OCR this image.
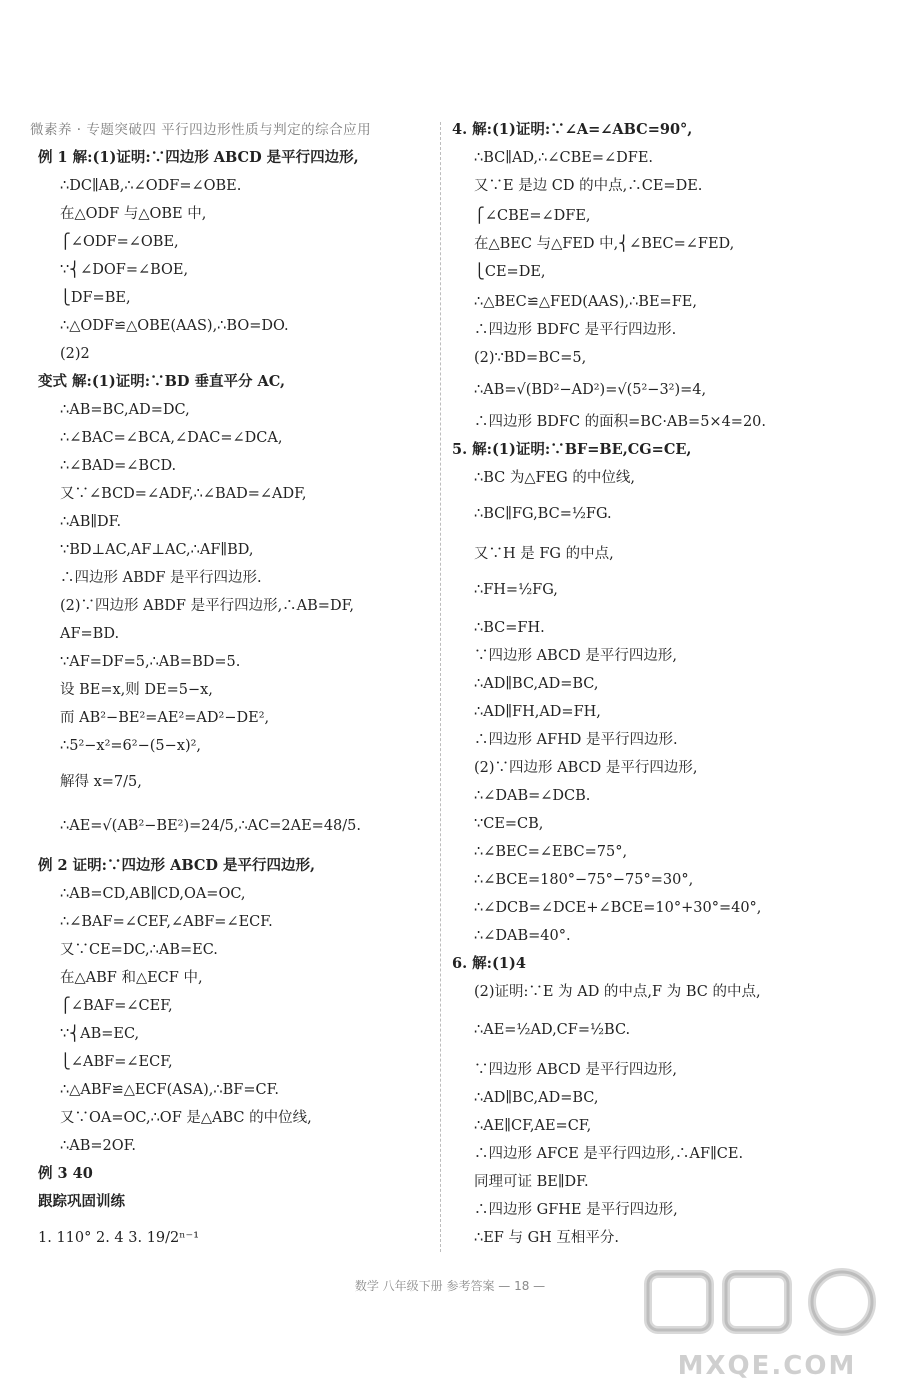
微素养 · 专题突破四 平行四边形性质与判定的综合应用
例 1 解:(1)证明:∵四边形 ABCD 是平行四边形,
∴DC∥AB,∴∠ODF=∠OBE.
在△ODF 与△OBE 中,
⎧∠ODF=∠OBE,
∵⎨∠DOF=∠BOE,
⎩DF=BE,
∴△ODF≌△OBE(AAS),∴BO=DO.
(2)2
变式 解:(1)证明:∵BD 垂直平分 AC,
∴AB=BC,AD=DC,
∴∠BAC=∠BCA,∠DAC=∠DCA,
∴∠BAD=∠BCD.
又∵∠BCD=∠ADF,∴∠BAD=∠ADF,
∴AB∥DF.
∵BD⊥AC,AF⊥AC,∴AF∥BD,
∴四边形 ABDF 是平行四边形.
(2)∵四边形 ABDF 是平行四边形,∴AB=DF,
AF=BD.
∵AF=DF=5,∴AB=BD=5.
设 BE=x,则 DE=5−x,
而 AB²−BE²=AE²=AD²−DE²,
∴5²−x²=6²−(5−x)²,
解得 x=7/5,
∴AE=√(AB²−BE²)=24/5,∴AC=2AE=48/5.
例 2 证明:∵四边形 ABCD 是平行四边形,
∴AB=CD,AB∥CD,OA=OC,
∴∠BAF=∠CEF,∠ABF=∠ECF.
又∵CE=DC,∴AB=EC.
在△ABF 和△ECF 中,
⎧∠BAF=∠CEF,
∵⎨AB=EC,
⎩∠ABF=∠ECF,
∴△ABF≌△ECF(ASA),∴BF=CF.
又∵OA=OC,∴OF 是△ABC 的中位线,
∴AB=2OF.
例 3 40
跟踪巩固训练
1. 110° 2. 4 3. 19/2ⁿ⁻¹
4. 解:(1)证明:∵∠A=∠ABC=90°,
∴BC∥AD,∴∠CBE=∠DFE.
又∵E 是边 CD 的中点,∴CE=DE.
⎧∠CBE=∠DFE,
在△BEC 与△FED 中,⎨∠BEC=∠FED,
⎩CE=DE,
∴△BEC≌△FED(AAS),∴BE=FE,
∴四边形 BDFC 是平行四边形.
(2)∵BD=BC=5,
∴AB=√(BD²−AD²)=√(5²−3²)=4,
∴四边形 BDFC 的面积=BC·AB=5×4=20.
5. 解:(1)证明:∵BF=BE,CG=CE,
∴BC 为△FEG 的中位线,
∴BC∥FG,BC=½FG.
又∵H 是 FG 的中点,
∴FH=½FG,
∴BC=FH.
∵四边形 ABCD 是平行四边形,
∴AD∥BC,AD=BC,
∴AD∥FH,AD=FH,
∴四边形 AFHD 是平行四边形.
(2)∵四边形 ABCD 是平行四边形,
∴∠DAB=∠DCB.
∵CE=CB,
∴∠BEC=∠EBC=75°,
∴∠BCE=180°−75°−75°=30°,
∴∠DCB=∠DCE+∠BCE=10°+30°=40°,
∴∠DAB=40°.
6. 解:(1)4
(2)证明:∵E 为 AD 的中点,F 为 BC 的中点,
∴AE=½AD,CF=½BC.
∵四边形 ABCD 是平行四边形,
∴AD∥BC,AD=BC,
∴AE∥CF,AE=CF,
∴四边形 AFCE 是平行四边形,∴AF∥CE.
同理可证 BE∥DF.
∴四边形 GFHE 是平行四边形,
∴EF 与 GH 互相平分.
数学 八年级下册 参考答案 — 18 —
MXQE.COM
